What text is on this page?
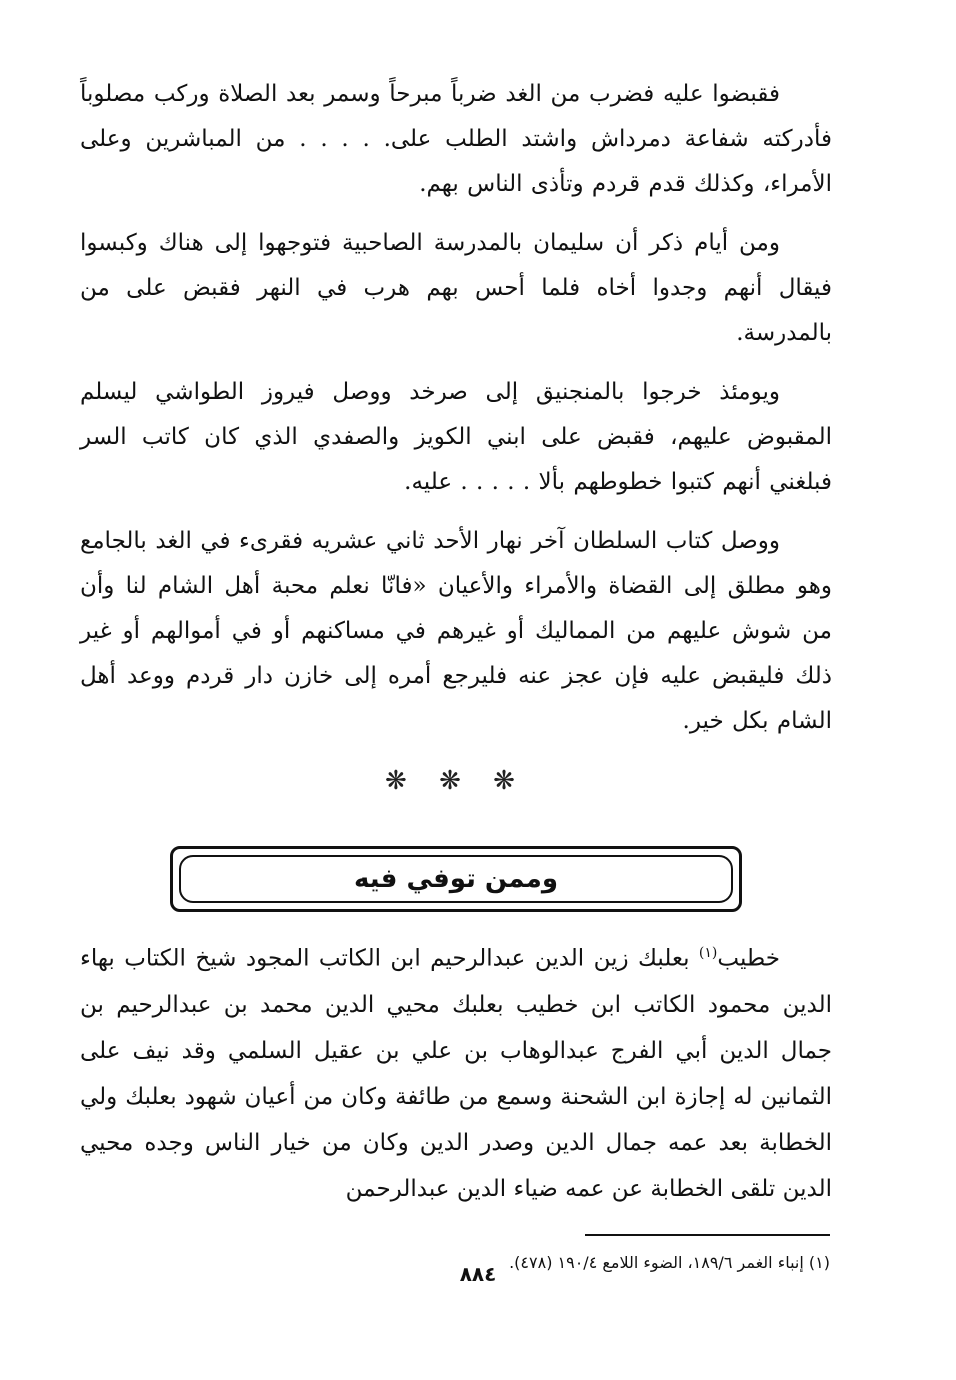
فقبضوا عليه فضرب من الغد ضرباً مبرحاً وسمر بعد الصلاة وركب مصلوباً فأدركته شفاعة دمرداش واشتد الطلب على. . . . . من المباشرين وعلى الأمراء، وكذلك قدم قردم وتأذى الناس بهم.

ومن أيام ذكر أن سليمان بالمدرسة الصاحبية فتوجهوا إلى هناك وكبسوا فيقال أنهم وجدوا أخاه فلما أحس بهم هرب في النهر فقبض على من بالمدرسة.

ويومئذ خرجوا بالمنجنيق إلى صرخد ووصل فيروز الطواشي ليسلم المقبوض عليهم، فقبض على ابني الكويز والصفدي الذي كان كاتب السر فبلغني أنهم كتبوا خطوطهم بألا . . . . . عليه.

ووصل كتاب السلطان آخر نهار الأحد ثاني عشريه فقرىء في الغد بالجامع وهو مطلق إلى القضاة والأمراء والأعيان «فانّا نعلم محبة أهل الشام لنا وأن من شوش عليهم من المماليك أو غيرهم في مساكنهم أو في أموالهم أو غير ذلك فليقبض عليه فإن عجز عنه فليرجع أمره إلى خازن دار قردم ووعد أهل الشام بكل خير.

❋ ❋ ❋
وممن توفي فيه

خطيب$^{(١)}$ بعلبك زين الدين عبدالرحيم ابن الكاتب المجود شيخ الكتاب بهاء الدين محمود الكاتب ابن خطيب بعلبك محيي الدين محمد بن عبدالرحيم بن جمال الدين أبي الفرج عبدالوهاب بن علي بن عقيل السلمي وقد نيف على الثمانين له إجازة ابن الشحنة وسمع من طائفة وكان من أعيان شهود بعلبك ولي الخطابة بعد عمه جمال الدين وصدر الدين وكان من خيار الناس وجده محيي الدين تلقى الخطابة عن عمه ضياء الدين عبدالرحمن

(١) إنباء الغمر ١٨٩/٦، الضوء اللامع ١٩٠/٤ (٤٧٨).
٨٨٤
